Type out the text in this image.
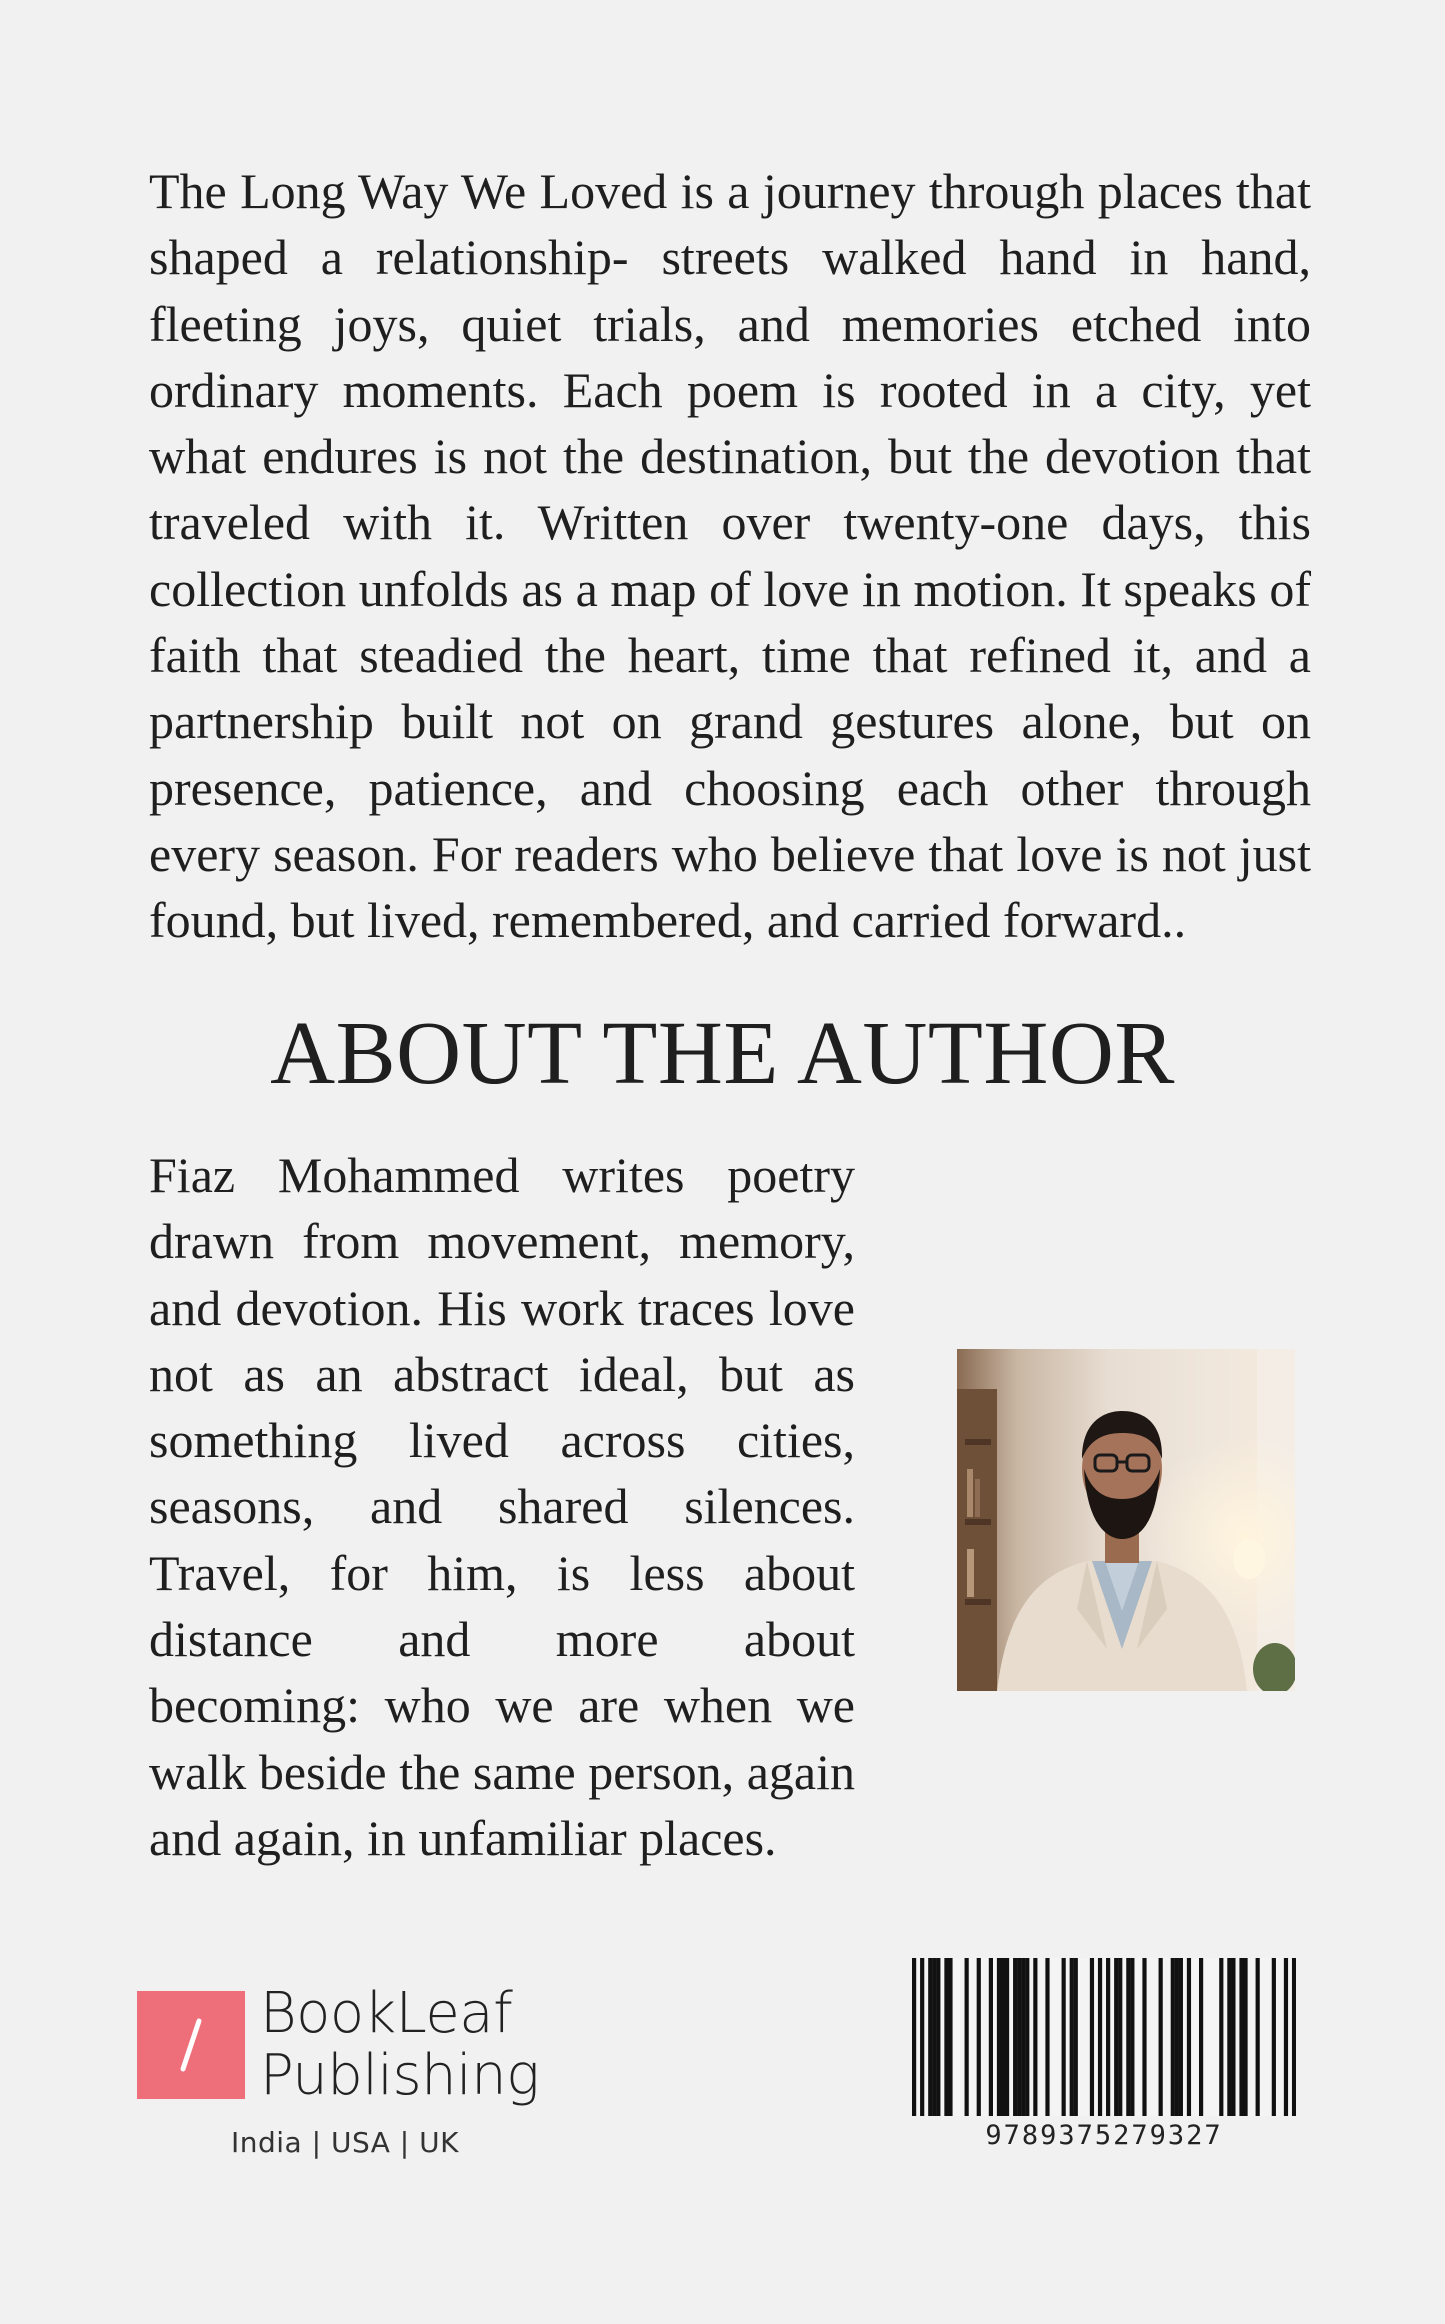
The Long Way We Loved is a journey through places that shaped a relationship- streets walked hand in hand, fleeting joys, quiet trials, and memories etched into ordinary moments. Each poem is rooted in a city, yet what endures is not the destination, but the devotion that traveled with it. Written over twenty-one days, this collection unfolds as a map of love in motion. It speaks of faith that steadied the heart, time that refined it, and a partnership built not on grand gestures alone, but on presence, patience, and choosing each other through every season. For readers who believe that love is not just found, but lived, remembered, and carried forward..

ABOUT THE AUTHOR

Fiaz Mohammed writes poetry drawn from movement, memory, and devotion. His work traces love not as an abstract ideal, but as something lived across cities, seasons, and shared silences. Travel, for him, is less about distance and more about becoming: who we are when we walk beside the same person, again and again, in unfamiliar places.

BookLeaf
Publishing
India | USA | UK	9789375279327
